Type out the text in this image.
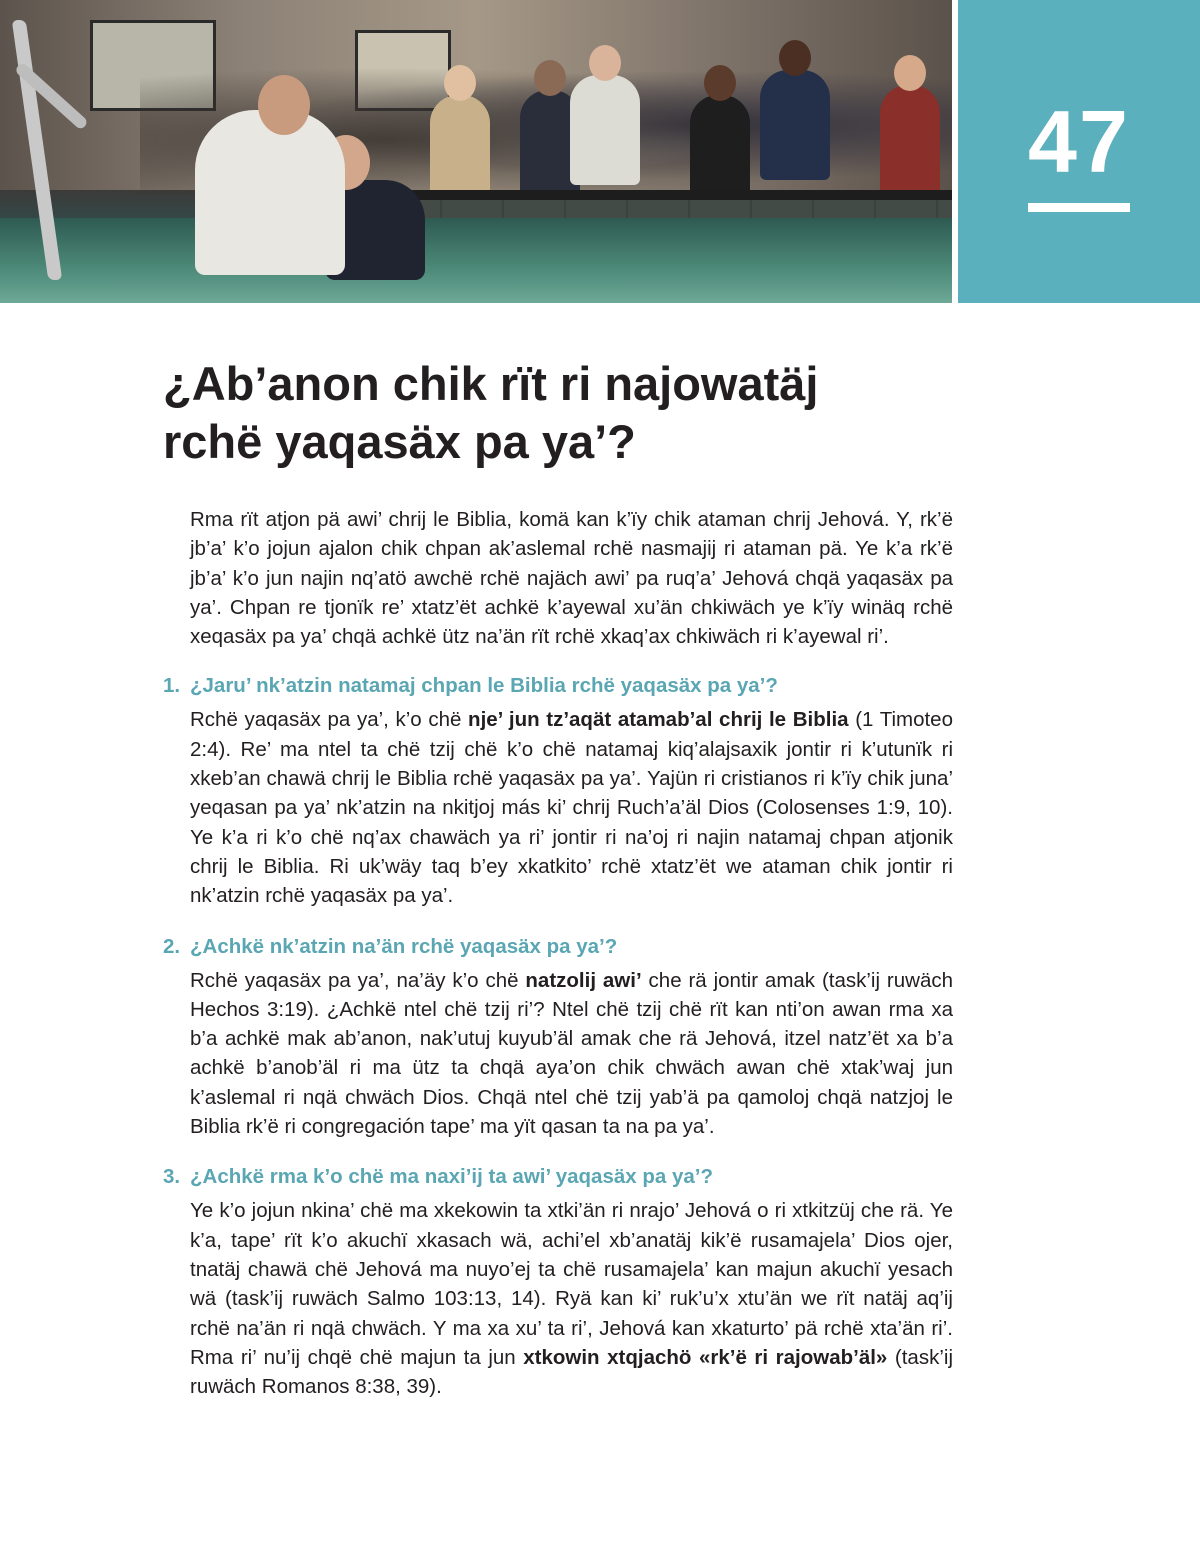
47
¿Ab’anon chik rït ri najowatäj
rchë yaqasäx pa ya’?

Rma rït atjon pä awi’ chrij le Biblia, komä kan k’ïy chik ataman chrij Jehová. Y, rk’ë jb’a’ k’o jojun ajalon chik chpan ak’aslemal rchë nasmajij ri ataman pä. Ye k’a rk’ë jb’a’ k’o jun najin nq’atö awchë rchë najäch awi’ pa ruq’a’ Jehová chqä yaqasäx pa ya’. Chpan re tjonïk re’ xtatz’ët achkë k’ayewal xu’än chkiwäch ye k’ïy winäq rchë xeqasäx pa ya’ chqä achkë ütz na’än rït rchë xkaq’ax chkiwäch ri k’ayewal ri’.

1. ¿Jaru’ nk’atzin natamaj chpan le Biblia rchë yaqasäx pa ya’?

Rchë yaqasäx pa ya’, k’o chë nje’ jun tz’aqät atamab’al chrij le Biblia (1 Timoteo 2:4). Re’ ma ntel ta chë tzij chë k’o chë natamaj kiq’alajsaxik jontir ri k’utunïk ri xkeb’an chawä chrij le Biblia rchë yaqasäx pa ya’. Yajün ri cristianos ri k’ïy chik juna’ yeqasan pa ya’ nk’atzin na nkitjoj más ki’ chrij Ruch’a’äl Dios (Colosenses 1:9, 10). Ye k’a ri k’o chë nq’ax chawäch ya ri’ jontir ri na’oj ri najin natamaj chpan atjonik chrij le Biblia. Ri uk’wäy taq b’ey xkatkito’ rchë xtatz’ët we ataman chik jontir ri nk’atzin rchë yaqasäx pa ya’.

2. ¿Achkë nk’atzin na’än rchë yaqasäx pa ya’?

Rchë yaqasäx pa ya’, na’äy k’o chë natzolij awi’ che rä jontir amak (task’ij ruwäch Hechos 3:19). ¿Achkë ntel chë tzij ri’? Ntel chë tzij chë rït kan nti’on awan rma xa b’a achkë mak ab’anon, nak’utuj kuyub’äl amak che rä Jehová, itzel natz’ët xa b’a achkë b’anob’äl ri ma ütz ta chqä aya’on chik chwäch awan chë xtak’waj jun k’aslemal ri nqä chwäch Dios. Chqä ntel chë tzij yab’ä pa qamoloj chqä natzjoj le Biblia rk’ë ri congregación tape’ ma yït qasan ta na pa ya’.

3. ¿Achkë rma k’o chë ma naxi’ij ta awi’ yaqasäx pa ya’?

Ye k’o jojun nkina’ chë ma xkekowin ta xtki’än ri nrajo’ Jehová o ri xtkitzüj che rä. Ye k’a, tape’ rït k’o akuchï xkasach wä, achi’el xb’anatäj kik’ë rusamajela’ Dios ojer, tnatäj chawä chë Jehová ma nuyo’ej ta chë rusamajela’ kan majun akuchï yesach wä (task’ij ruwäch Salmo 103:13, 14). Ryä kan ki’ ruk’u’x xtu’än we rït natäj aq’ij rchë na’än ri nqä chwäch. Y ma xa xu’ ta ri’, Jehová kan xkaturto’ pä rchë xta’än ri’. Rma ri’ nu’ij chqë chë majun ta jun xtkowin xtqjachö «rk’ë ri rajowab’äl» (task’ij ruwäch Romanos 8:38, 39).
